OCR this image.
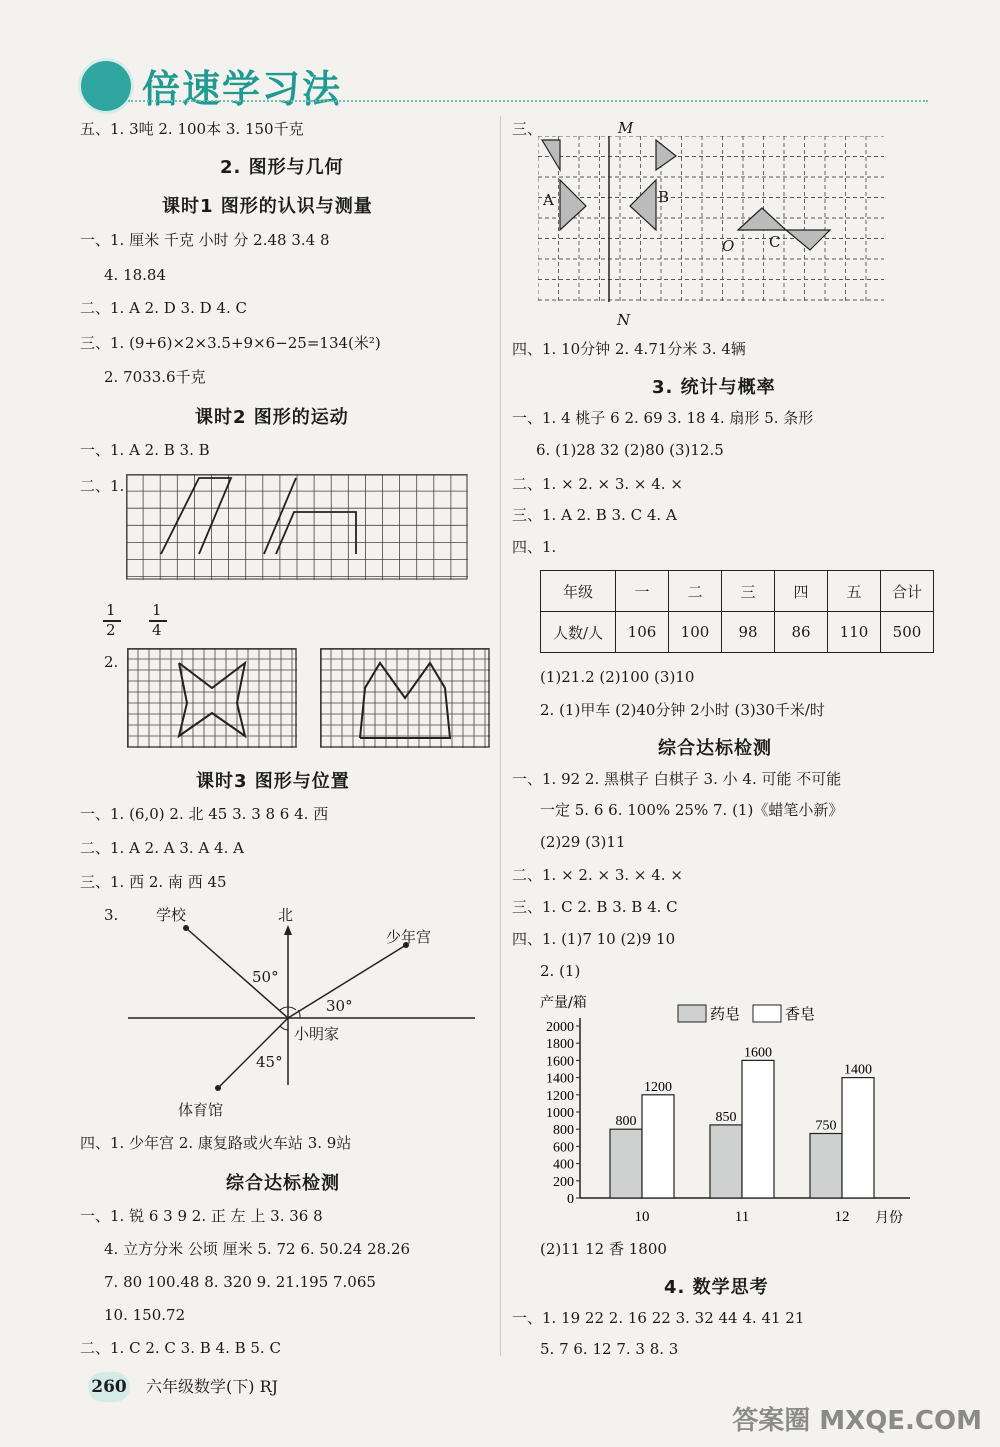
倍速学习法
五、1. 3吨 2. 100本 3. 150千克
2. 图形与几何
课时1 图形的认识与测量
一、1. 厘米 千克 小时 分 2.48 3.4 8
4. 18.84
二、1. A 2. D 3. D 4. C
三、1. (9+6)×2×3.5+9×6−25=134(米²)
2. 7033.6千克
课时2 图形的运动
一、1. A 2. B 3. B
二、1.
1
2
1
4
2.
课时3 图形与位置
一、1. (6,0) 2. 北 45 3. 3 8 6 4. 西
二、1. A 2. A 3. A 4. A
三、1. 西 2. 南 西 45
3.	学校	北
少年宫
50°
30°
小明家
45°
体育馆
四、1. 少年宫 2. 康复路或火车站 3. 9站
综合达标检测
一、1. 锐 6 3 9 2. 正 左 上 3. 36 8
4. 立方分米 公顷 厘米 5. 72 6. 50.24 28.26
7. 80 100.48 8. 320 9. 21.195 7.065
10. 150.72
二、1. C 2. C 3. B 4. B 5. C
三、	M
N
A	B
C
O
四、1. 10分钟 2. 4.71分米 3. 4辆
3. 统计与概率
一、1. 4 桃子 6 2. 69 3. 18 4. 扇形 5. 条形
6. (1)28 32 (2)80 (3)12.5
二、1. × 2. × 3. × 4. ×
三、1. A 2. B 3. C 4. A
四、1.
年级	一	二	三	四	五	合计
人数/人	106	100	98	86	110	500
(1)21.2 (2)100 (3)10
2. (1)甲车 (2)40分钟 2小时 (3)30千米/时
综合达标检测
一、1. 92 2. 黑棋子 白棋子 3. 小 4. 可能 不可能
一定 5. 6 6. 100% 25% 7. (1)《蜡笔小新》
(2)29 (3)11
二、1. × 2. × 3. × 4. ×
三、1. C 2. B 3. B 4. C
四、1. (1)7 10 (2)9 10
2. (1)
0
200
400
600
800
1000
1200
1400
1600
1800
2000
产量/箱
月份
药皂	香皂
800
1200
10
850
1600
11
750
1400
12
(2)11 12 香 1800
4. 数学思考
一、1. 19 22 2. 16 22 3. 32 44 4. 41 21
5. 7 6. 12 7. 3 8. 3
260 六年级数学(下) RJ
答案圈 MXQE.COM
